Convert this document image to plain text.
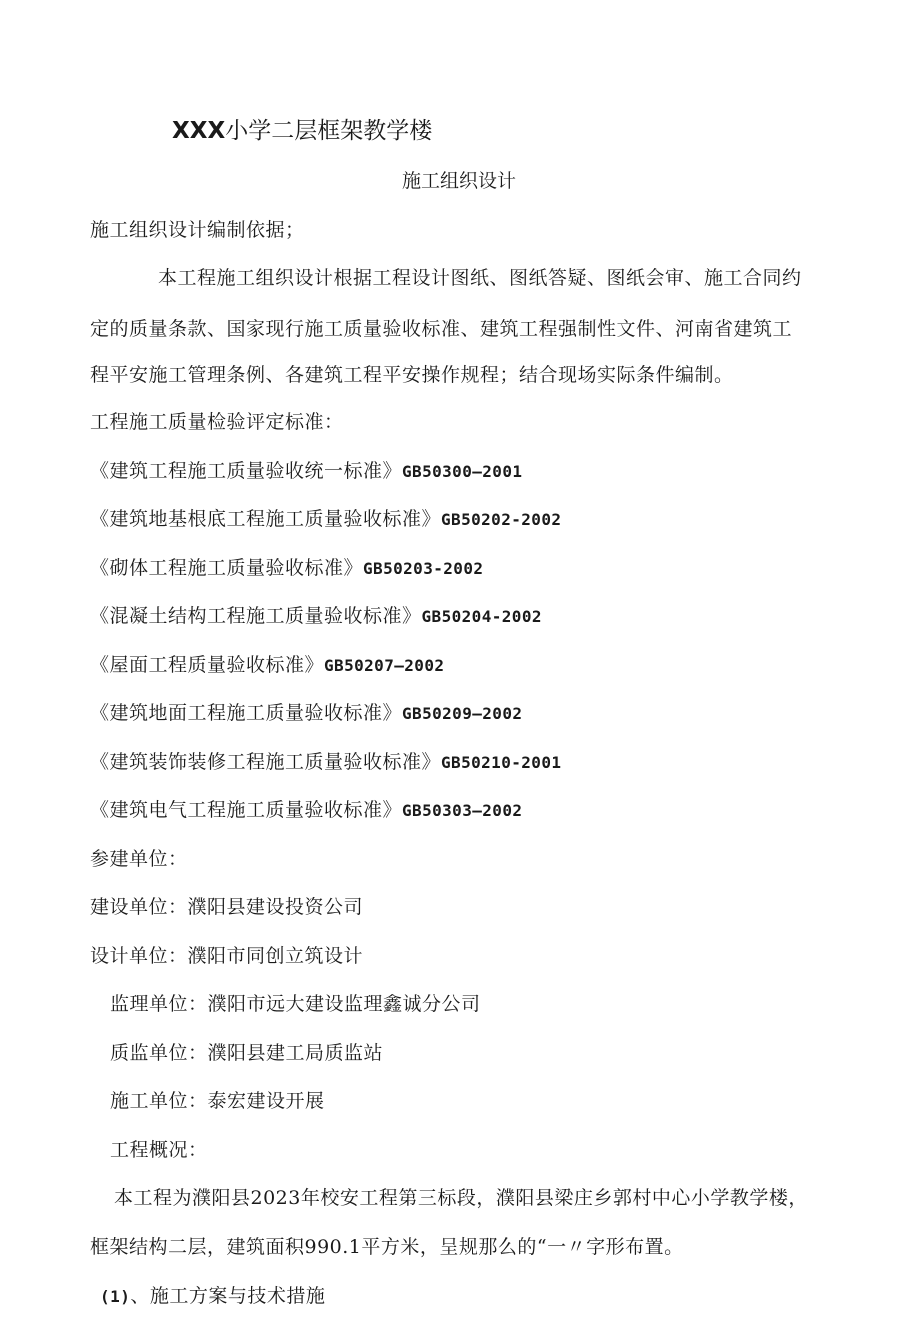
XXX小学二层框架教学楼
施工组织设计
施工组织设计编制依据；
本工程施工组织设计根据工程设计图纸、图纸答疑、图纸会审、施工合同约
定的质量条款、国家现行施工质量验收标准、建筑工程强制性文件、河南省建筑工
程平安施工管理条例、各建筑工程平安操作规程；结合现场实际条件编制。
工程施工质量检验评定标准：
《建筑工程施工质量验收统一标准》GB50300—2001
《建筑地基根底工程施工质量验收标准》GB50202-2002
《砌体工程施工质量验收标准》GB50203-2002
《混凝土结构工程施工质量验收标准》GB50204-2002
《屋面工程质量验收标准》GB50207—2002
《建筑地面工程施工质量验收标准》GB50209—2002
《建筑装饰装修工程施工质量验收标准》GB50210-2001
《建筑电气工程施工质量验收标准》GB50303—2002
参建单位：
建设单位：濮阳县建设投资公司
设计单位：濮阳市同创立筑设计
监理单位：濮阳市远大建设监理鑫诚分公司
质监单位：濮阳县建工局质监站
施工单位：泰宏建设开展
工程概况：
本工程为濮阳县2023年校安工程第三标段，濮阳县梁庄乡郭村中心小学教学楼，
框架结构二层，建筑面积990.1平方米，呈规那么的“一〃字形布置。
(1)、施工方案与技术措施
